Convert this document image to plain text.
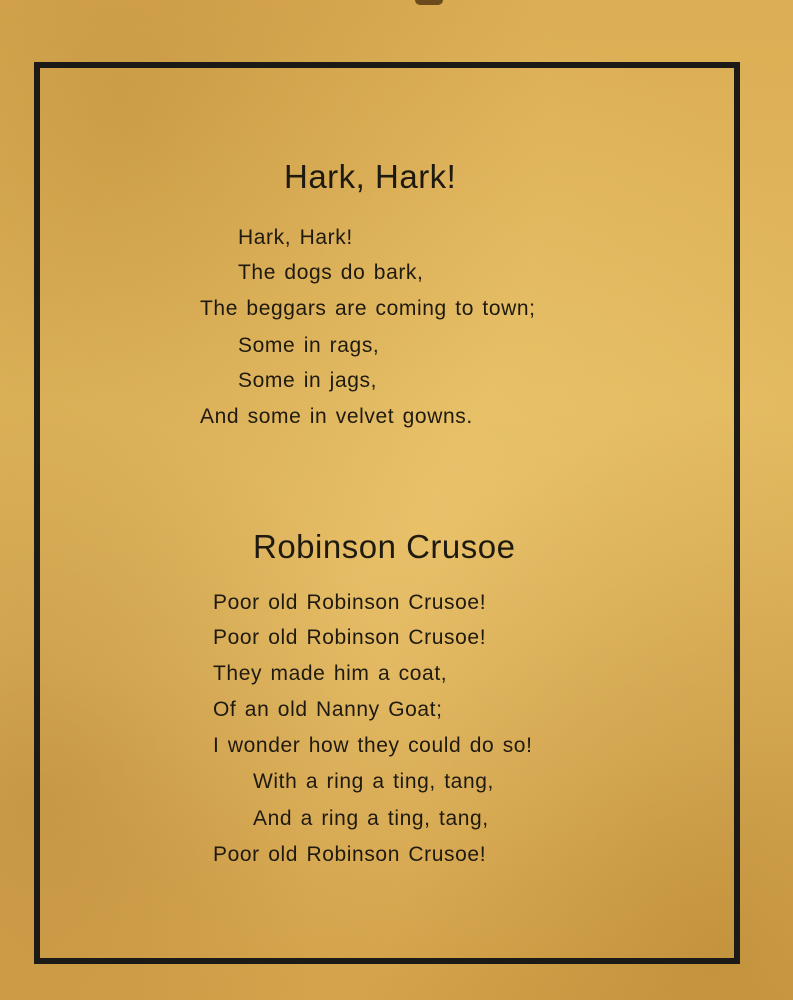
Hark, Hark!

Hark, Hark!

The dogs do bark,

The beggars are coming to town;

Some in rags,

Some in jags,

And some in velvet gowns.

Robinson Crusoe

Poor old Robinson Crusoe!

Poor old Robinson Crusoe!

They made him a coat,

Of an old Nanny Goat;

I wonder how they could do so!

With a ring a ting, tang,

And a ring a ting, tang,

Poor old Robinson Crusoe!
